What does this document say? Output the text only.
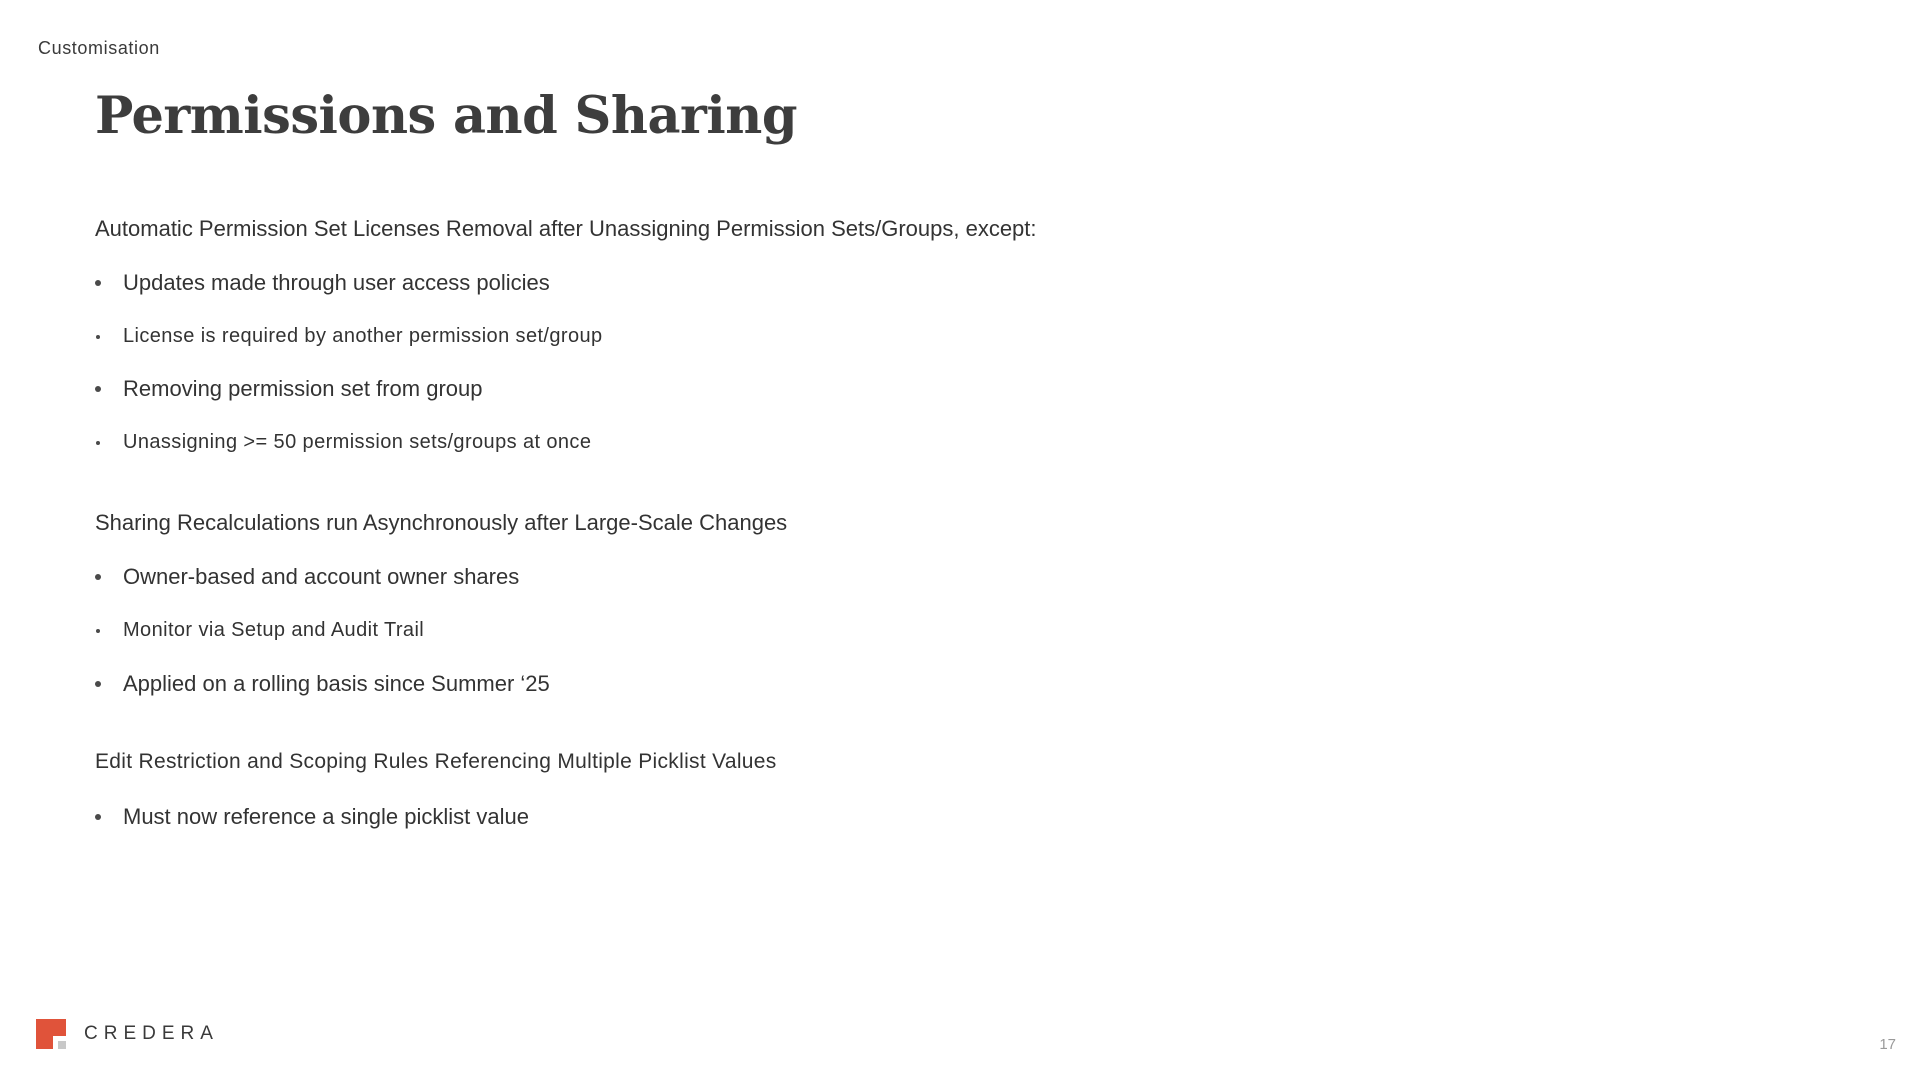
Customisation
Permissions and Sharing
Automatic Permission Set Licenses Removal after Unassigning Permission Sets/Groups, except:
Updates made through user access policies
License is required by another permission set/group
Removing permission set from group
Unassigning >= 50 permission sets/groups at once
Sharing Recalculations run Asynchronously after Large-Scale Changes
Owner-based and account owner shares
Monitor via Setup and Audit Trail
Applied on a rolling basis since Summer ‘25
Edit Restriction and Scoping Rules Referencing Multiple Picklist Values
Must now reference a single picklist value
CREDERA
17
